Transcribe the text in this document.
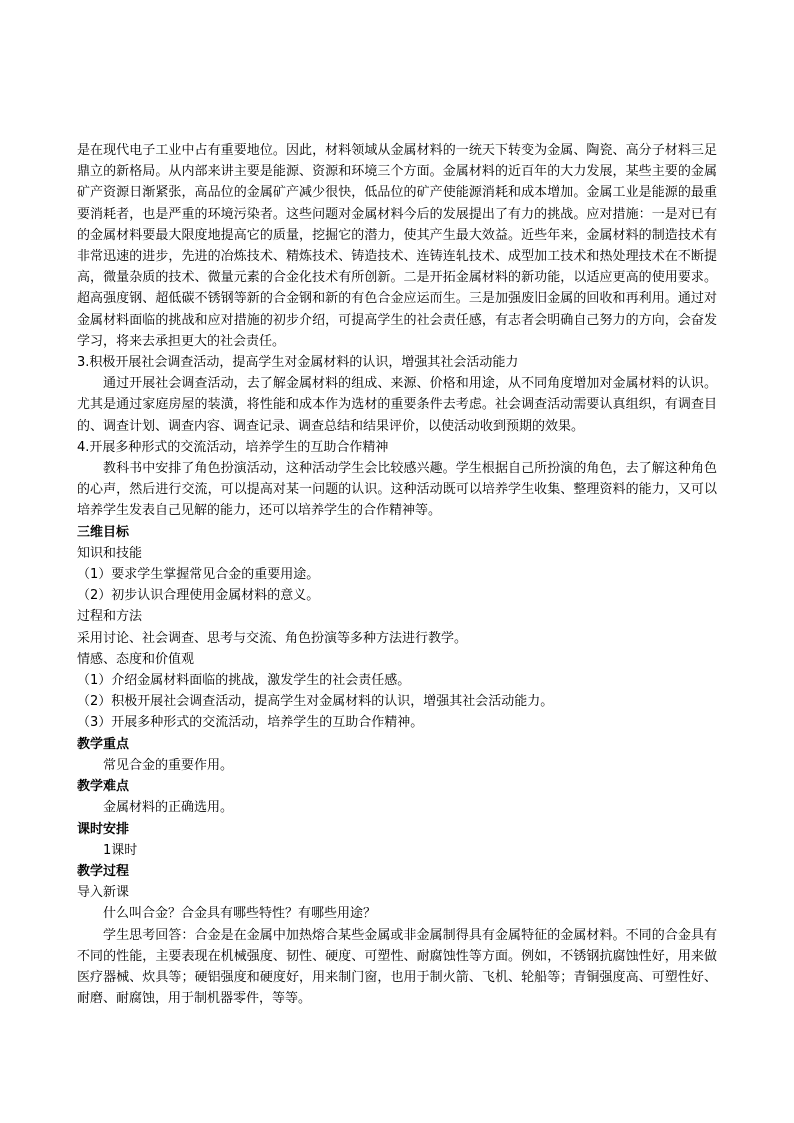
是在现代电子工业中占有重要地位。因此，材料领域从金属材料的一统天下转变为金属、陶瓷、高分子材料三足鼎立的新格局。从内部来讲主要是能源、资源和环境三个方面。金属材料的近百年的大力发展，某些主要的金属矿产资源日渐紧张，高品位的金属矿产减少很快，低品位的矿产使能源消耗和成本增加。金属工业是能源的最重要消耗者，也是严重的环境污染者。这些问题对金属材料今后的发展提出了有力的挑战。应对措施：一是对已有的金属材料要最大限度地提高它的质量，挖掘它的潜力，使其产生最大效益。近些年来，金属材料的制造技术有非常迅速的进步，先进的冶炼技术、精炼技术、铸造技术、连铸连轧技术、成型加工技术和热处理技术在不断提高，微量杂质的技术、微量元素的合金化技术有所创新。二是开拓金属材料的新功能，以适应更高的使用要求。超高强度钢、超低碳不锈钢等新的合金钢和新的有色合金应运而生。三是加强废旧金属的回收和再利用。通过对金属材料面临的挑战和应对措施的初步介绍，可提高学生的社会责任感，有志者会明确自己努力的方向，会奋发学习，将来去承担更大的社会责任。

3.积极开展社会调查活动，提高学生对金属材料的认识，增强其社会活动能力

通过开展社会调查活动，去了解金属材料的组成、来源、价格和用途，从不同角度增加对金属材料的认识。尤其是通过家庭房屋的装潢，将性能和成本作为选材的重要条件去考虑。社会调查活动需要认真组织，有调查目的、调查计划、调查内容、调查记录、调查总结和结果评价，以使活动收到预期的效果。

4.开展多种形式的交流活动，培养学生的互助合作精神

教科书中安排了角色扮演活动，这种活动学生会比较感兴趣。学生根据自己所扮演的角色，去了解这种角色的心声，然后进行交流，可以提高对某一问题的认识。这种活动既可以培养学生收集、整理资料的能力，又可以培养学生发表自己见解的能力，还可以培养学生的合作精神等。

三维目标

知识和技能

（1）要求学生掌握常见合金的重要用途。

（2）初步认识合理使用金属材料的意义。

过程和方法

采用讨论、社会调查、思考与交流、角色扮演等多种方法进行教学。

情感、态度和价值观

（1）介绍金属材料面临的挑战，激发学生的社会责任感。

（2）积极开展社会调查活动，提高学生对金属材料的认识，增强其社会活动能力。

（3）开展多种形式的交流活动，培养学生的互助合作精神。

教学重点

常见合金的重要作用。

教学难点

金属材料的正确选用。

课时安排

1课时

教学过程

导入新课

什么叫合金？合金具有哪些特性？有哪些用途？

学生思考回答：合金是在金属中加热熔合某些金属或非金属制得具有金属特征的金属材料。不同的合金具有不同的性能，主要表现在机械强度、韧性、硬度、可塑性、耐腐蚀性等方面。例如，不锈钢抗腐蚀性好，用来做医疗器械、炊具等；硬铝强度和硬度好，用来制门窗，也用于制火箭、飞机、轮船等；青铜强度高、可塑性好、耐磨、耐腐蚀，用于制机器零件，等等。
